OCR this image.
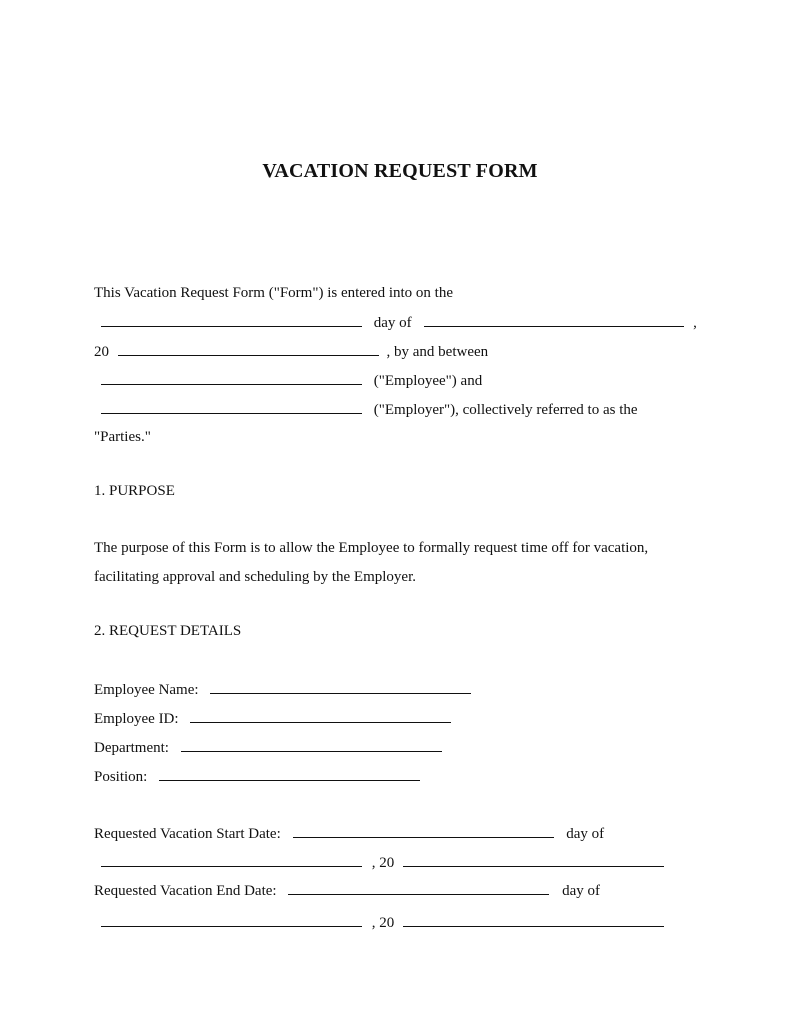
VACATION REQUEST FORM
This Vacation Request Form ("Form") is entered into on the
day of	,
20	, by and between
("Employee") and
("Employer"), collectively referred to as the
"Parties."
1. PURPOSE
The purpose of this Form is to allow the Employee to formally request time off for vacation,
facilitating approval and scheduling by the Employer.
2. REQUEST DETAILS
Employee Name:
Employee ID:
Department:
Position:
Requested Vacation Start Date:	day of
, 20
Requested Vacation End Date:	day of
, 20
